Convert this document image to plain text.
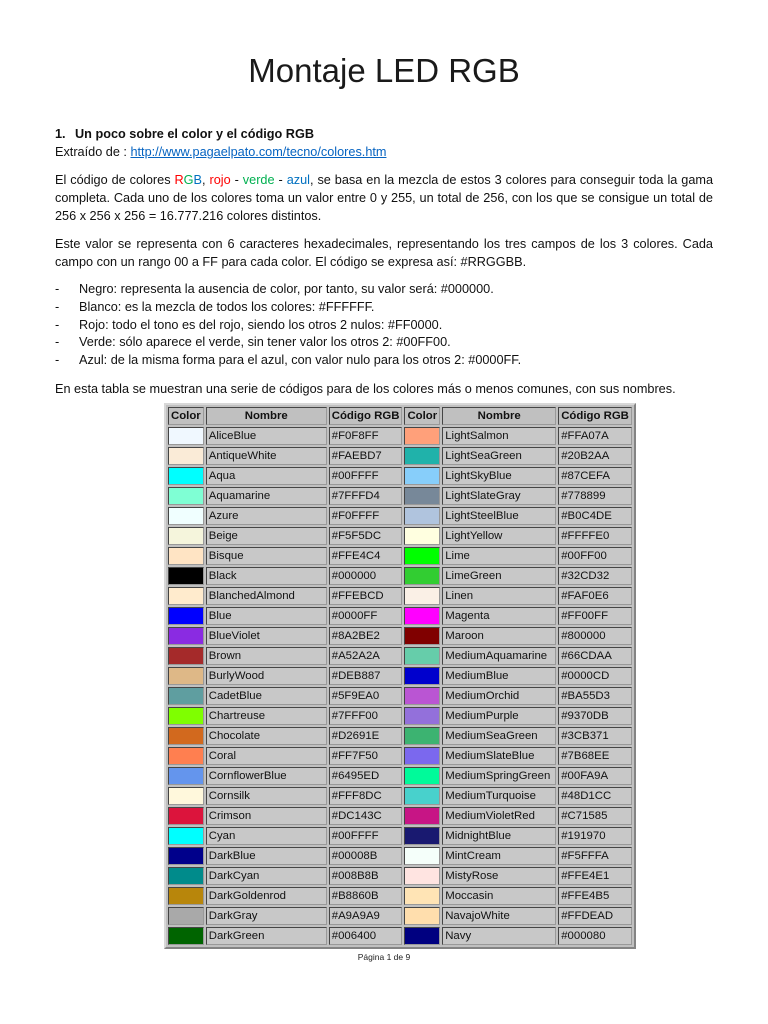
Montaje LED RGB
1. Un poco sobre el color y el código RGB
Extraído de : http://www.pagaelpato.com/tecno/colores.htm

El código de colores RGB, rojo - verde - azul, se basa en la mezcla de estos 3 colores para conseguir toda la gama completa. Cada uno de los colores toma un valor entre 0 y 255, un total de 256, con los que se consigue un total de 256 x 256 x 256 = 16.777.216 colores distintos.

Este valor se representa con 6 caracteres hexadecimales, representando los tres campos de los 3 colores. Cada campo con un rango 00 a FF para cada color. El código se expresa así: #RRGGBB.

-	Negro: representa la ausencia de color, por tanto, su valor será: #000000.
-	Blanco: es la mezcla de todos los colores: #FFFFFF.
-	Rojo: todo el tono es del rojo, siendo los otros 2 nulos: #FF0000.
-	Verde: sólo aparece el verde, sin tener valor los otros 2: #00FF00.
-	Azul: de la misma forma para el azul, con valor nulo para los otros 2: #0000FF.

En esta tabla se muestran una serie de códigos para de los colores más o menos comunes, con sus nombres.

Color	Nombre	Código RGB	Color	Nombre	Código RGB
	AliceBlue	#F0F8FF		LightSalmon	#FFA07A
	AntiqueWhite	#FAEBD7		LightSeaGreen	#20B2AA
	Aqua	#00FFFF		LightSkyBlue	#87CEFA
	Aquamarine	#7FFFD4		LightSlateGray	#778899
	Azure	#F0FFFF		LightSteelBlue	#B0C4DE
	Beige	#F5F5DC		LightYellow	#FFFFE0
	Bisque	#FFE4C4		Lime	#00FF00
	Black	#000000		LimeGreen	#32CD32
	BlanchedAlmond	#FFEBCD		Linen	#FAF0E6
	Blue	#0000FF		Magenta	#FF00FF
	BlueViolet	#8A2BE2		Maroon	#800000
	Brown	#A52A2A		MediumAquamarine	#66CDAA
	BurlyWood	#DEB887		MediumBlue	#0000CD
	CadetBlue	#5F9EA0		MediumOrchid	#BA55D3
	Chartreuse	#7FFF00		MediumPurple	#9370DB
	Chocolate	#D2691E		MediumSeaGreen	#3CB371
	Coral	#FF7F50		MediumSlateBlue	#7B68EE
	CornflowerBlue	#6495ED		MediumSpringGreen	#00FA9A
	Cornsilk	#FFF8DC		MediumTurquoise	#48D1CC
	Crimson	#DC143C		MediumVioletRed	#C71585
	Cyan	#00FFFF		MidnightBlue	#191970
	DarkBlue	#00008B		MintCream	#F5FFFA
	DarkCyan	#008B8B		MistyRose	#FFE4E1
	DarkGoldenrod	#B8860B		Moccasin	#FFE4B5
	DarkGray	#A9A9A9		NavajoWhite	#FFDEAD
	DarkGreen	#006400		Navy	#000080
Página 1 de 9
